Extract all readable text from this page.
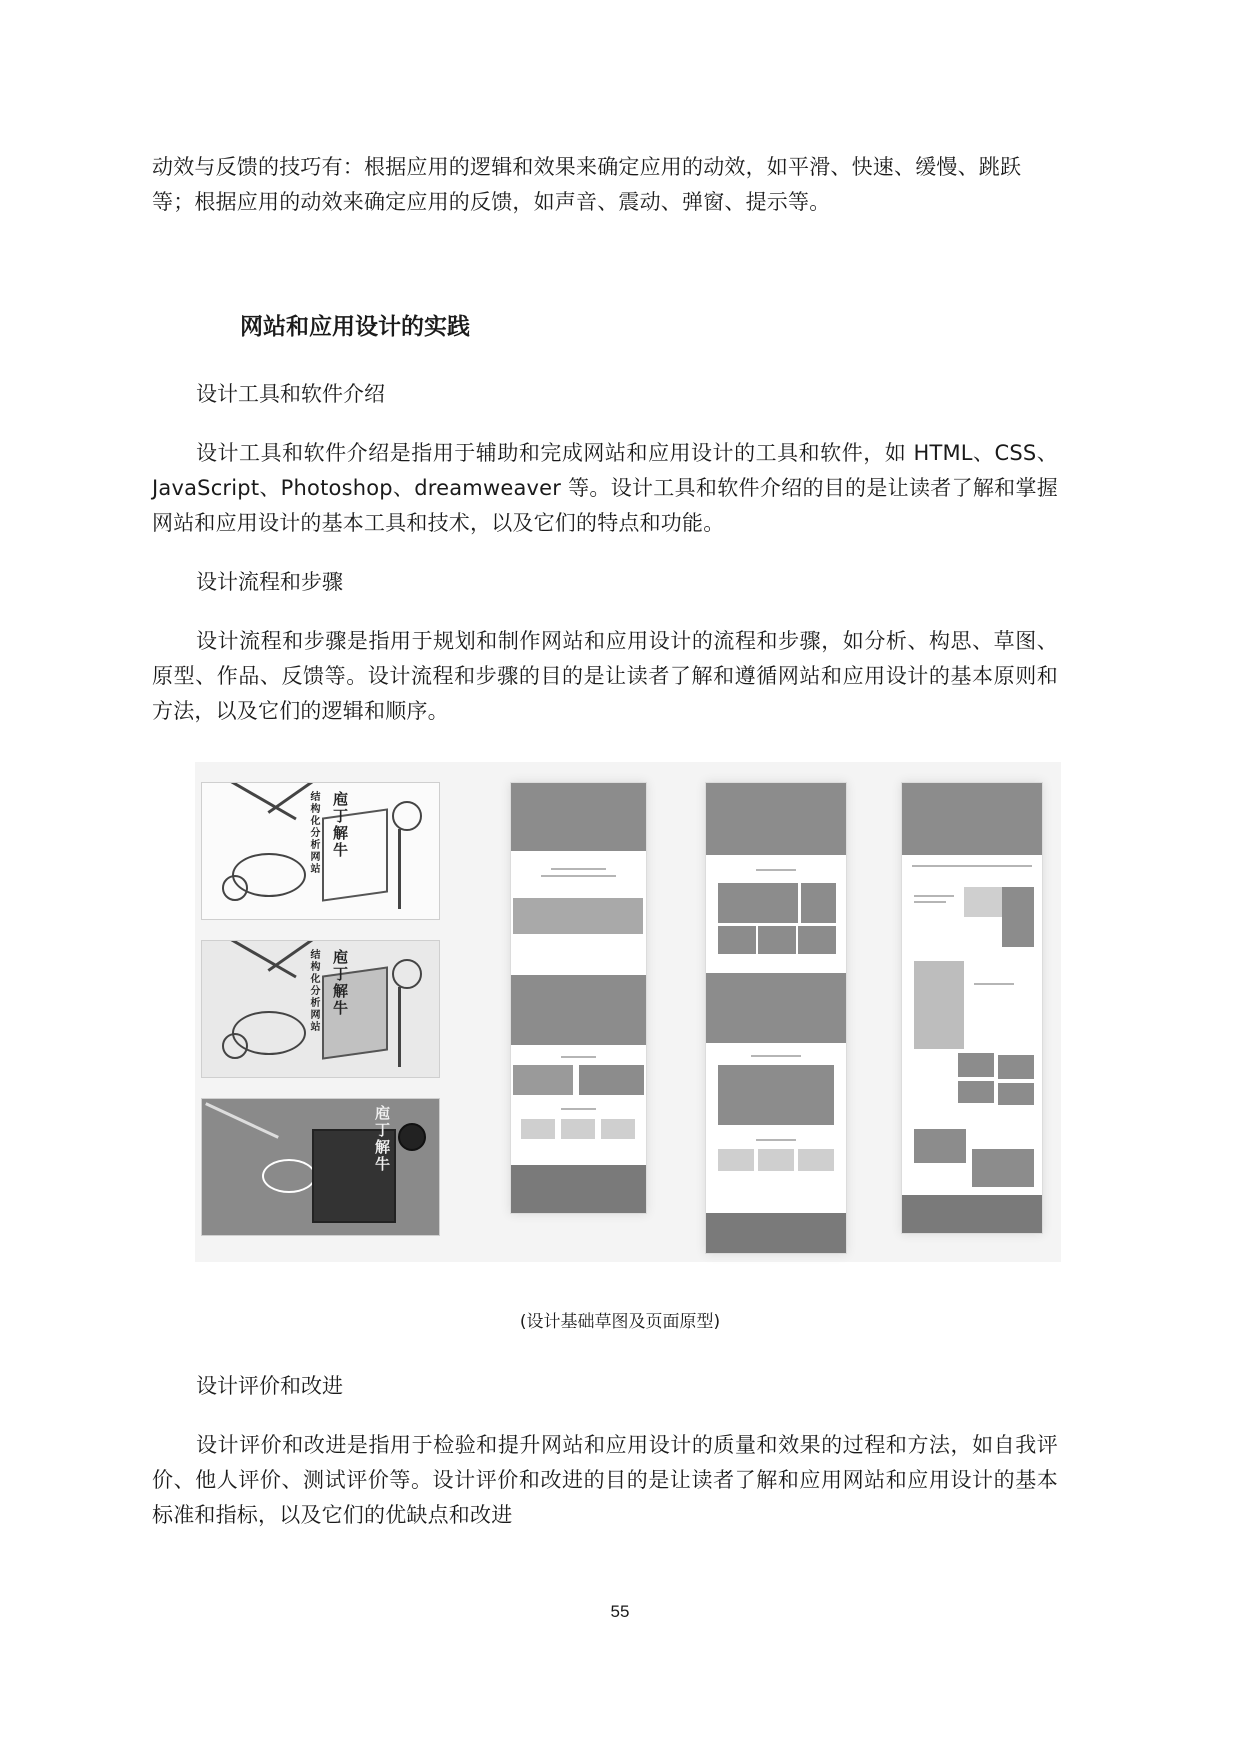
动效与反馈的技巧有：根据应用的逻辑和效果来确定应用的动效，如平滑、快速、缓慢、跳跃
等；根据应用的动效来确定应用的反馈，如声音、震动、弹窗、提示等。

网站和应用设计的实践

设计工具和软件介绍

设计工具和软件介绍是指用于辅助和完成网站和应用设计的工具和软件，如 HTML、CSS、JavaScript、Photoshop、dreamweaver 等。设计工具和软件介绍的目的是让读者了解和掌握网站和应用设计的基本工具和技术，以及它们的特点和功能。

设计流程和步骤

设计流程和步骤是指用于规划和制作网站和应用设计的流程和步骤，如分析、构思、草图、原型、作品、反馈等。设计流程和步骤的目的是让读者了解和遵循网站和应用设计的基本原则和方法，以及它们的逻辑和顺序。

庖丁解牛
结构化分析网站
庖丁解牛
结构化分析网站
庖丁解牛
(设计基础草图及页面原型)

设计评价和改进

设计评价和改进是指用于检验和提升网站和应用设计的质量和效果的过程和方法，如自我评价、他人评价、测试评价等。设计评价和改进的目的是让读者了解和应用网站和应用设计的基本标准和指标，以及它们的优缺点和改进

55
